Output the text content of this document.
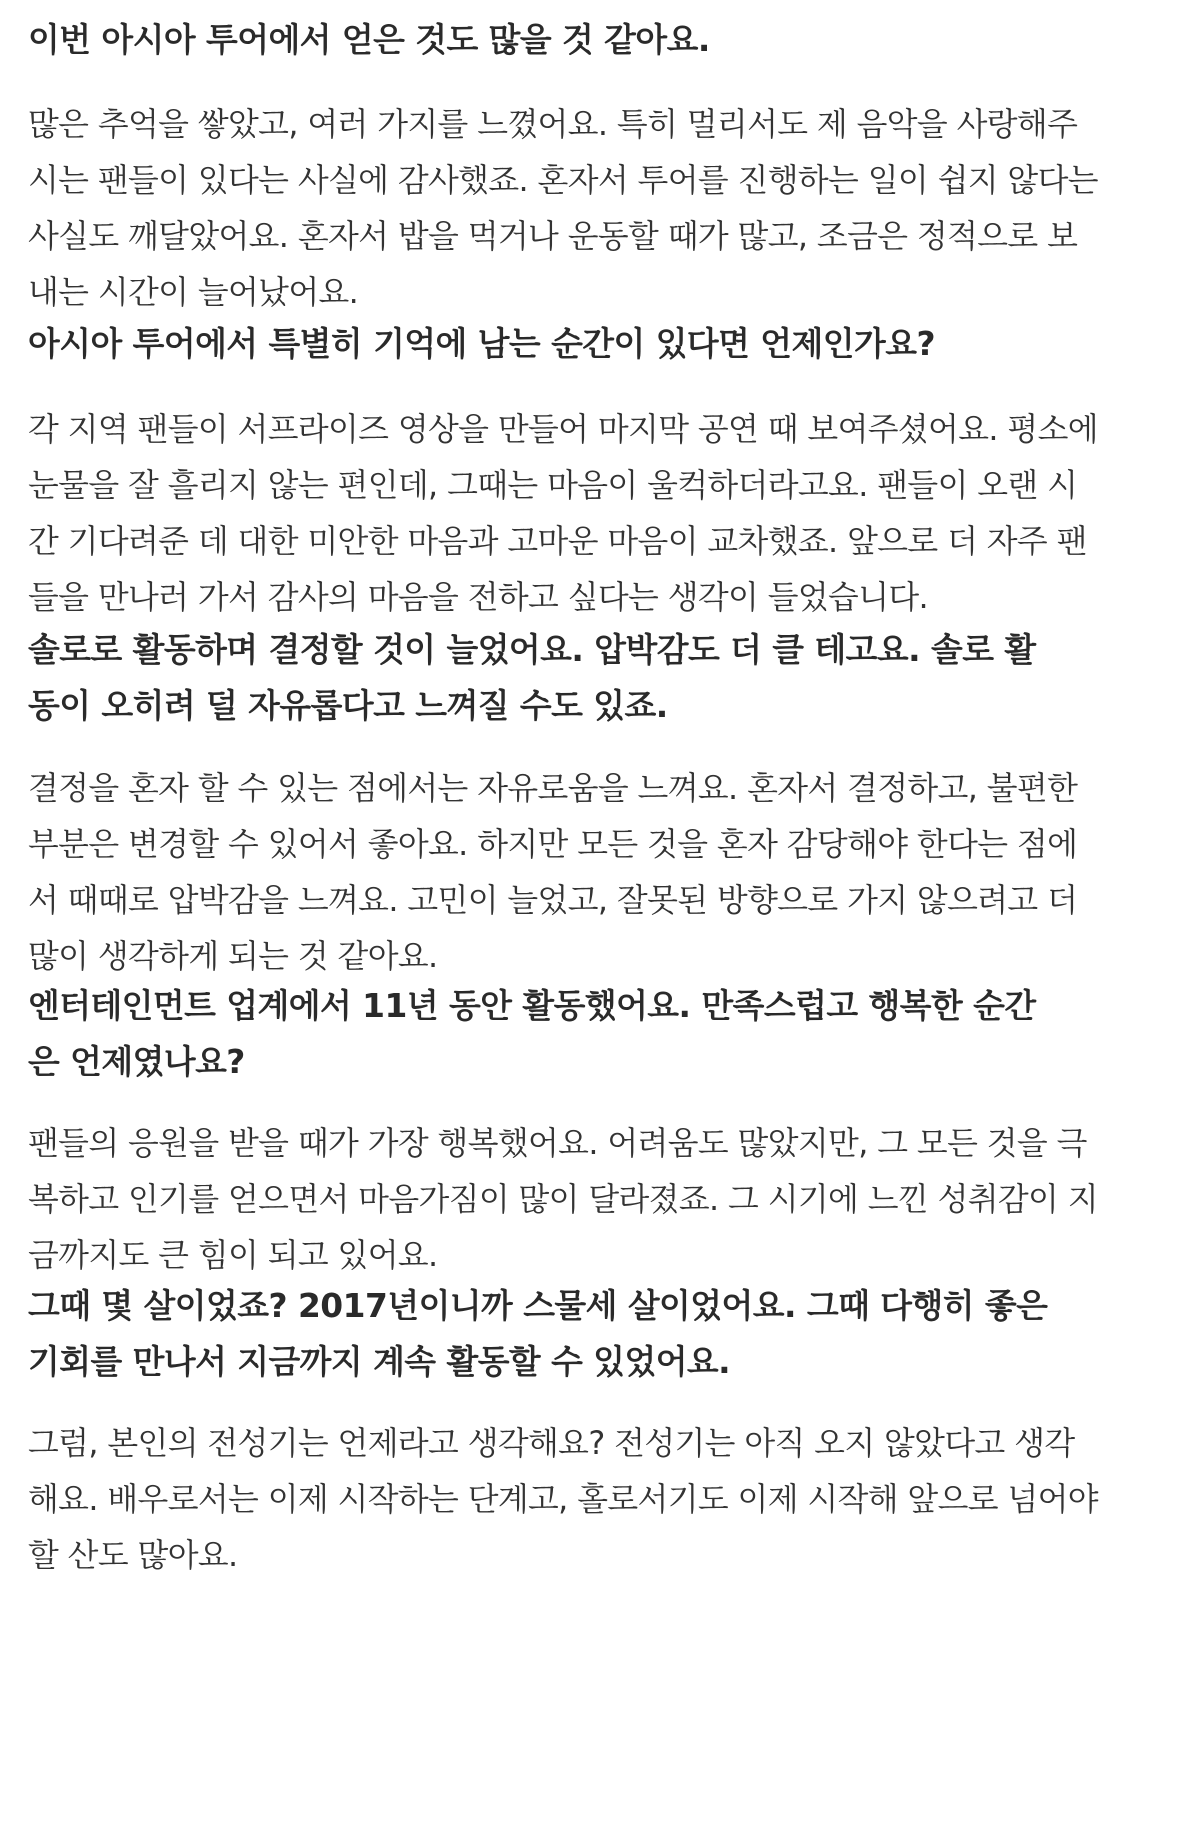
이번 아시아 투어에서 얻은 것도 많을 것 같아요.

많은 추억을 쌓았고, 여러 가지를 느꼈어요. 특히 멀리서도 제 음악을 사랑해주
시는 팬들이 있다는 사실에 감사했죠. 혼자서 투어를 진행하는 일이 쉽지 않다는
사실도 깨달았어요. 혼자서 밥을 먹거나 운동할 때가 많고, 조금은 정적으로 보
내는 시간이 늘어났어요.

아시아 투어에서 특별히 기억에 남는 순간이 있다면 언제인가요?

각 지역 팬들이 서프라이즈 영상을 만들어 마지막 공연 때 보여주셨어요. 평소에
눈물을 잘 흘리지 않는 편인데, 그때는 마음이 울컥하더라고요. 팬들이 오랜 시
간 기다려준 데 대한 미안한 마음과 고마운 마음이 교차했죠. 앞으로 더 자주 팬
들을 만나러 가서 감사의 마음을 전하고 싶다는 생각이 들었습니다.

솔로로 활동하며 결정할 것이 늘었어요. 압박감도 더 클 테고요. 솔로 활
동이 오히려 덜 자유롭다고 느껴질 수도 있죠.

결정을 혼자 할 수 있는 점에서는 자유로움을 느껴요. 혼자서 결정하고, 불편한
부분은 변경할 수 있어서 좋아요. 하지만 모든 것을 혼자 감당해야 한다는 점에
서 때때로 압박감을 느껴요. 고민이 늘었고, 잘못된 방향으로 가지 않으려고 더
많이 생각하게 되는 것 같아요.

엔터테인먼트 업계에서 11년 동안 활동했어요. 만족스럽고 행복한 순간
은 언제였나요?

팬들의 응원을 받을 때가 가장 행복했어요. 어려움도 많았지만, 그 모든 것을 극
복하고 인기를 얻으면서 마음가짐이 많이 달라졌죠. 그 시기에 느낀 성취감이 지
금까지도 큰 힘이 되고 있어요.

그때 몇 살이었죠? 2017년이니까 스물세 살이었어요. 그때 다행히 좋은
기회를 만나서 지금까지 계속 활동할 수 있었어요.

그럼, 본인의 전성기는 언제라고 생각해요? 전성기는 아직 오지 않았다고 생각
해요. 배우로서는 이제 시작하는 단계고, 홀로서기도 이제 시작해 앞으로 넘어야
할 산도 많아요.
